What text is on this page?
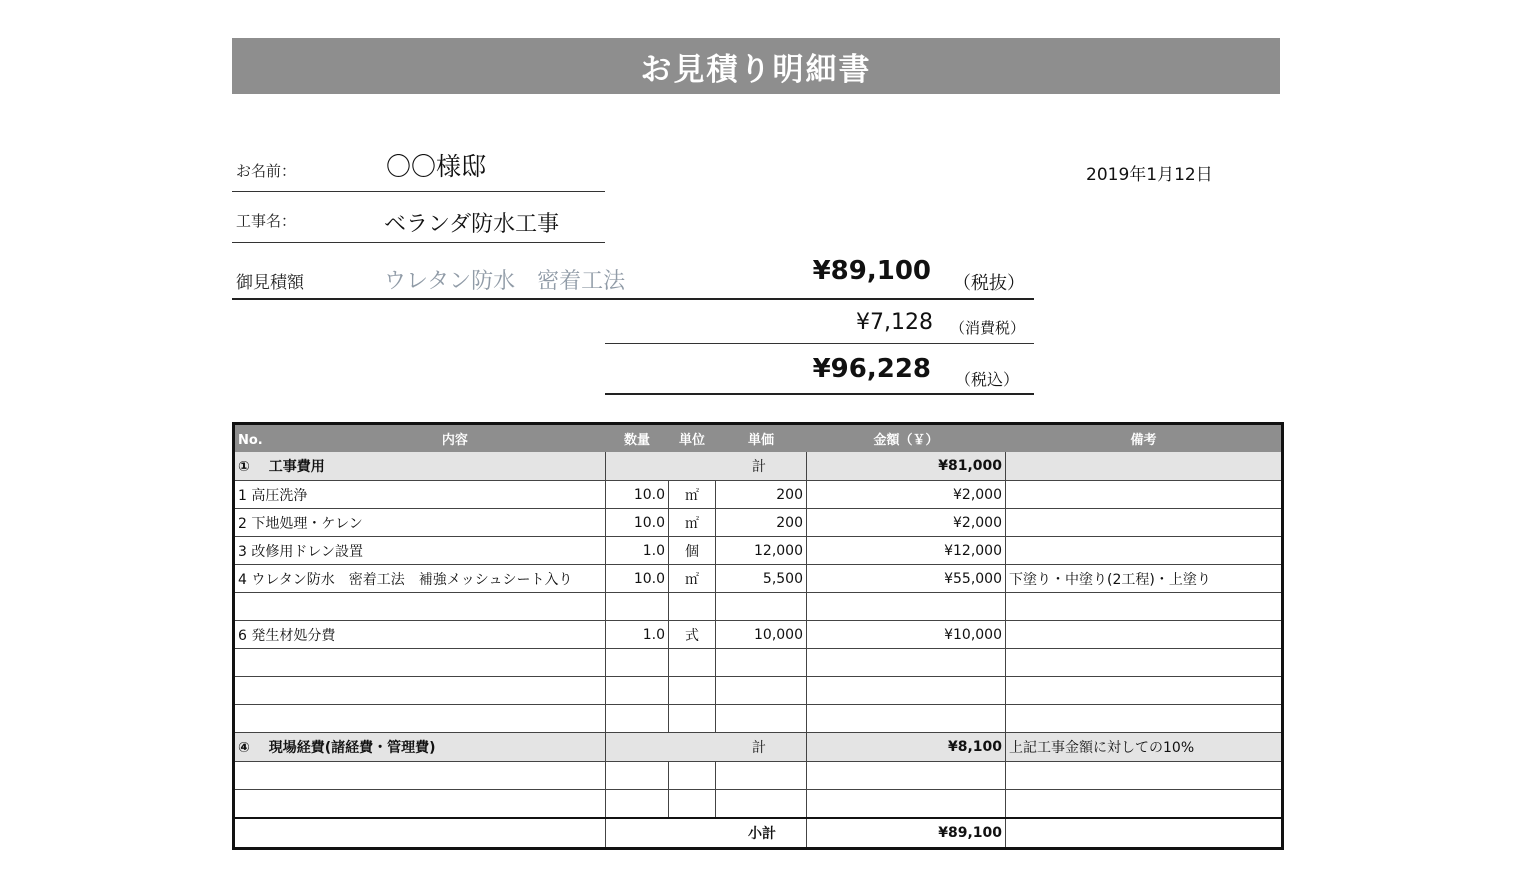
お見積り明細書
お名前：	〇〇様邸	2019年1月12日
工事名：	ベランダ防水工事
御見積額	ウレタン防水　密着工法	¥89,100 （税抜）
¥7,128 （消費税）
¥96,228 （税込）
No. 内容	数量	単位	単価	金額（￥）	備考
①　 工事費用	計			¥81,000	
1 高圧洗浄	10.0	㎡	200	¥2,000	
2 下地処理・ケレン	10.0	㎡	200	¥2,000	
3 改修用ドレン設置	1.0	個	12,000	¥12,000	
4 ウレタン防水　密着工法　補強メッシュシート入り	10.0	㎡	5,500	¥55,000	下塗り・中塗り(2工程)・上塗り

6 発生材処分費	1.0	式	10,000	¥10,000	

④　 現場経費(諸経費・管理費)	計			¥8,100	上記工事金額に対しての10%

	小計			¥89,100	
